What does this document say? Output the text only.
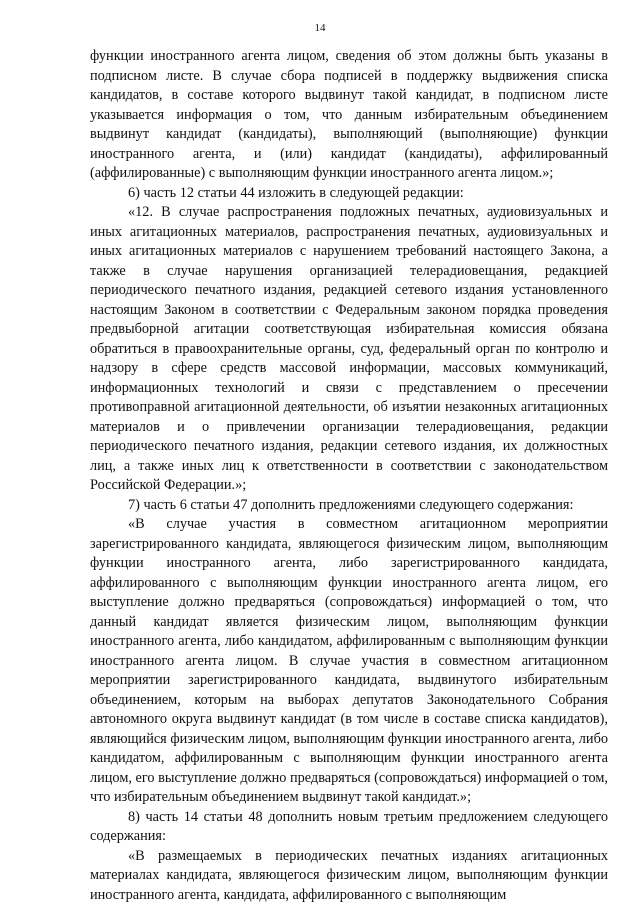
14

функции иностранного агента лицом, сведения об этом должны быть указаны в подписном листе. В случае сбора подписей в поддержку выдвижения списка кандидатов, в составе которого выдвинут такой кандидат, в подписном листе указывается информация о том, что данным избирательным объединением выдвинут кандидат (кандидаты), выполняющий (выполняющие) функции иностранного агента, и (или) кандидат (кандидаты), аффилированный (аффилированные) с выполняющим функции иностранного агента лицом.»;

6) часть 12 статьи 44 изложить в следующей редакции:

«12. В случае распространения подложных печатных, аудиовизуальных и иных агитационных материалов, распространения печатных, аудиовизуальных и иных агитационных материалов с нарушением требований настоящего Закона, а также в случае нарушения организацией телерадиовещания, редакцией периодического печатного издания, редакцией сетевого издания установленного настоящим Законом в соответствии с Федеральным законом порядка проведения предвыборной агитации соответствующая избирательная комиссия обязана обратиться в правоохранительные органы, суд, федеральный орган по контролю и надзору в сфере средств массовой информации, массовых коммуникаций, информационных технологий и связи с представлением о пресечении противоправной агитационной деятельности, об изъятии незаконных агитационных материалов и о привлечении организации телерадиовещания, редакции периодического печатного издания, редакции сетевого издания, их должностных лиц, а также иных лиц к ответственности в соответствии с законодательством Российской Федерации.»;

7) часть 6 статьи 47 дополнить предложениями следующего содержания:

«В случае участия в совместном агитационном мероприятии зарегистрированного кандидата, являющегося физическим лицом, выполняющим функции иностранного агента, либо зарегистрированного кандидата, аффилированного с выполняющим функции иностранного агента лицом, его выступление должно предваряться (сопровождаться) информацией о том, что данный кандидат является физическим лицом, выполняющим функции иностранного агента, либо кандидатом, аффилированным с выполняющим функции иностранного агента лицом. В случае участия в совместном агитационном мероприятии зарегистрированного кандидата, выдвинутого избирательным объединением, которым на выборах депутатов Законодательного Собрания автономного округа выдвинут кандидат (в том числе в составе списка кандидатов), являющийся физическим лицом, выполняющим функции иностранного агента, либо кандидатом, аффилированным с выполняющим функции иностранного агента лицом, его выступление должно предваряться (сопровождаться) информацией о том, что избирательным объединением выдвинут такой кандидат.»;

8) часть 14 статьи 48 дополнить новым третьим предложением следующего содержания:

«В размещаемых в периодических печатных изданиях агитационных материалах кандидата, являющегося физическим лицом, выполняющим функции иностранного агента, кандидата, аффилированного с выполняющим
